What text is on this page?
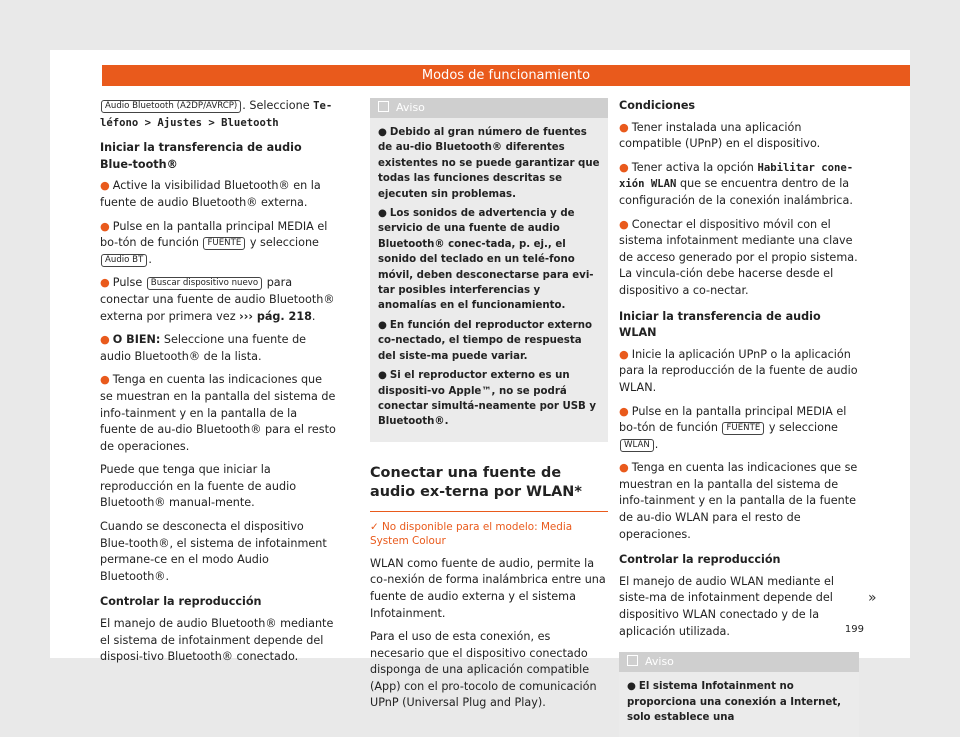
Modos de funcionamiento

Audio Bluetooth (A2DP/AVRCP) . Seleccione Te-léfono > Ajustes > Bluetooth

Iniciar la transferencia de audio Blue-tooth®

● Active la visibilidad Bluetooth® en la fuente de audio Bluetooth® externa.

● Pulse en la pantalla principal MEDIA el bo-tón de función FUENTE y seleccione Audio BT .

● Pulse Buscar dispositivo nuevo para conectar una fuente de audio Bluetooth® externa por primera vez ››› pág. 218.

● O BIEN: Seleccione una fuente de audio Bluetooth® de la lista.

● Tenga en cuenta las indicaciones que se muestran en la pantalla del sistema de info-tainment y en la pantalla de la fuente de au-dio Bluetooth® para el resto de operaciones.

Puede que tenga que iniciar la reproducción en la fuente de audio Bluetooth® manual-mente.

Cuando se desconecta el dispositivo Blue-tooth®, el sistema de infotainment permane-ce en el modo Audio Bluetooth®.

Controlar la reproducción

El manejo de audio Bluetooth® mediante el sistema de infotainment depende del disposi-tivo Bluetooth® conectado.

Aviso

● Debido al gran número de fuentes de au-dio Bluetooth® diferentes existentes no se puede garantizar que todas las funciones descritas se ejecuten sin problemas.

● Los sonidos de advertencia y de servicio de una fuente de audio Bluetooth® conec-tada, p. ej., el sonido del teclado en un telé-fono móvil, deben desconectarse para evi-tar posibles interferencias y anomalías en el funcionamiento.

● En función del reproductor externo co-nectado, el tiempo de respuesta del siste-ma puede variar.

● Si el reproductor externo es un dispositi-vo Apple™, no se podrá conectar simultá-neamente por USB y Bluetooth®.

Conectar una fuente de audio ex-terna por WLAN*
✓ No disponible para el modelo: Media System Colour

WLAN como fuente de audio, permite la co-nexión de forma inalámbrica entre una fuente de audio externa y el sistema Infotainment.

Para el uso de esta conexión, es necesario que el dispositivo conectado disponga de una aplicación compatible (App) con el pro-tocolo de comunicación UPnP (Universal Plug and Play).

Condiciones

● Tener instalada una aplicación compatible (UPnP) en el dispositivo.

● Tener activa la opción Habilitar cone-xión WLAN que se encuentra dentro de la configuración de la conexión inalámbrica.

● Conectar el dispositivo móvil con el sistema infotainment mediante una clave de acceso generado por el propio sistema. La vincula-ción debe hacerse desde el dispositivo a co-nectar.

Iniciar la transferencia de audio WLAN

● Inicie la aplicación UPnP o la aplicación para la reproducción de la fuente de audio WLAN.

● Pulse en la pantalla principal MEDIA el bo-tón de función FUENTE y seleccione WLAN .

● Tenga en cuenta las indicaciones que se muestran en la pantalla del sistema de info-tainment y en la pantalla de la fuente de au-dio WLAN para el resto de operaciones.

Controlar la reproducción

El manejo de audio WLAN mediante el siste-ma de infotainment depende del dispositivo WLAN conectado y de la aplicación utilizada.

Aviso

● El sistema Infotainment no proporciona una conexión a Internet, solo establece una

»
199
